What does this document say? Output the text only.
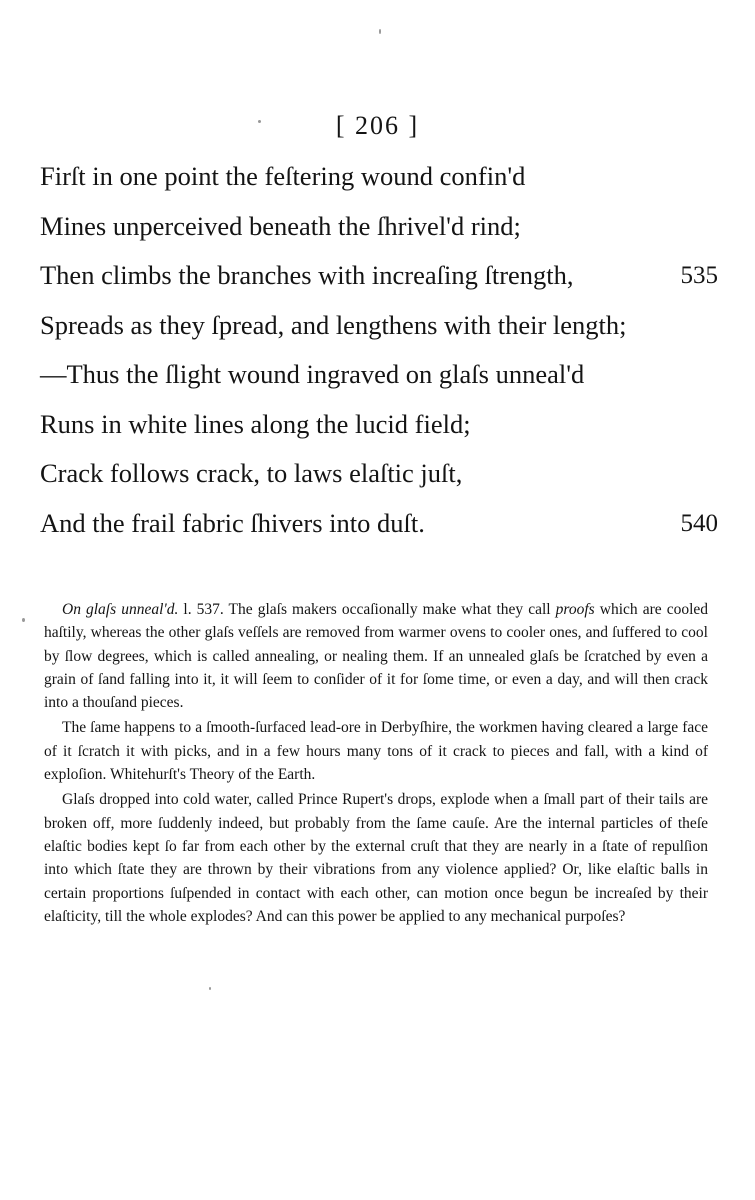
[ 206 ]
Firſt in one point the feſtering wound confin'd
Mines unperceived beneath the ſhrivel'd rind;
Then climbs the branches with increaſing ſtrength,	535
Spreads as they ſpread, and lengthens with their length;
—Thus the ſlight wound ingraved on glaſs unneal'd
Runs in white lines along the lucid field;
Crack follows crack, to laws elaſtic juſt,
And the frail fabric ſhivers into duſt.	540

On glaſs unneal'd. l. 537. The glaſs makers occaſionally make what they call proofs which are cooled haſtily, whereas the other glaſs veſſels are removed from warmer ovens to cooler ones, and ſuffered to cool by ſlow degrees, which is called annealing, or nealing them. If an unnealed glaſs be ſcratched by even a grain of ſand falling into it, it will ſeem to conſider of it for ſome time, or even a day, and will then crack into a thouſand pieces.

The ſame happens to a ſmooth-ſurfaced lead-ore in Derbyſhire, the workmen having cleared a large face of it ſcratch it with picks, and in a few hours many tons of it crack to pieces and fall, with a kind of exploſion. Whitehurſt's Theory of the Earth.

Glaſs dropped into cold water, called Prince Rupert's drops, explode when a ſmall part of their tails are broken off, more ſuddenly indeed, but probably from the ſame cauſe. Are the internal particles of theſe elaſtic bodies kept ſo far from each other by the external cruſt that they are nearly in a ſtate of repulſion into which ſtate they are thrown by their vibrations from any violence applied? Or, like elaſtic balls in certain proportions ſuſpended in contact with each other, can motion once begun be increaſed by their elaſticity, till the whole explodes? And can this power be applied to any mechanical purpoſes?
